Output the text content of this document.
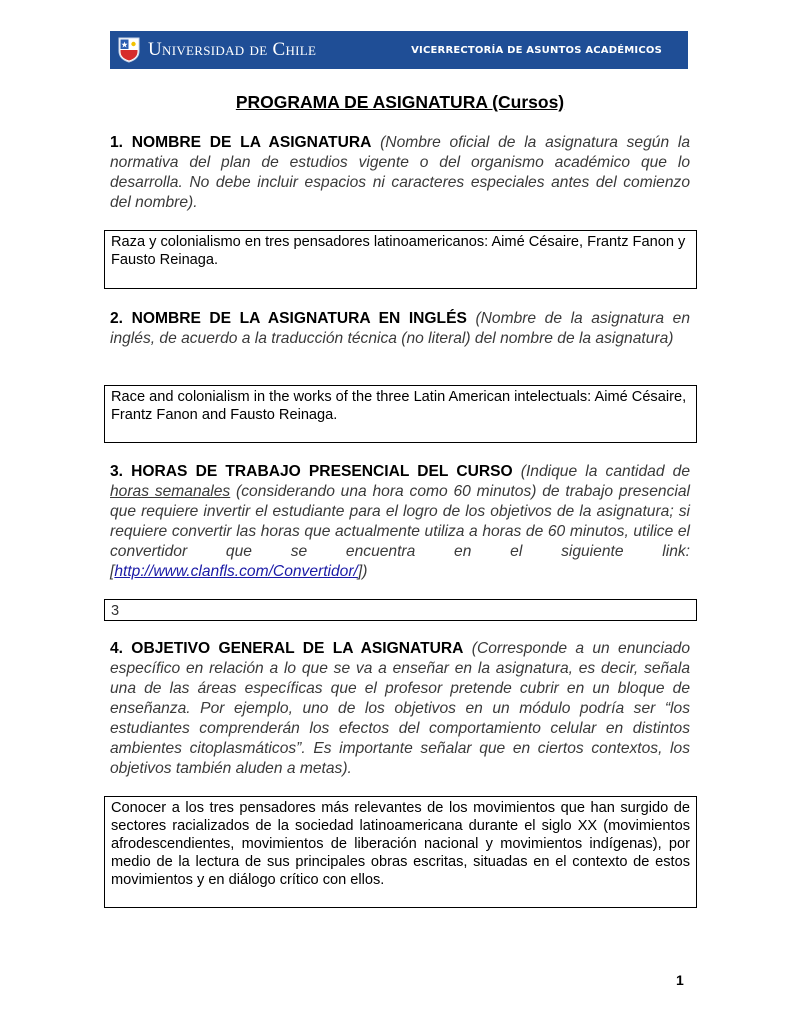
Universidad de Chile	VICERRECTORÍA DE ASUNTOS ACADÉMICOS
PROGRAMA DE ASIGNATURA (Cursos)

1. NOMBRE DE LA ASIGNATURA (Nombre oficial de la asignatura según la normativa del plan de estudios vigente o del organismo académico que lo desarrolla. No debe incluir espacios ni caracteres especiales antes del comienzo del nombre).

Raza y colonialismo en tres pensadores latinoamericanos: Aimé Césaire, Frantz Fanon y Fausto Reinaga.

2. NOMBRE DE LA ASIGNATURA EN INGLÉS (Nombre de la asignatura en inglés, de acuerdo a la traducción técnica (no literal) del nombre de la asignatura)

Race and colonialism in the works of the three Latin American intelectuals: Aimé Césaire, Frantz Fanon and Fausto Reinaga.

3. HORAS DE TRABAJO PRESENCIAL DEL CURSO (Indique la cantidad de horas semanales (considerando una hora como 60 minutos) de trabajo presencial que requiere invertir el estudiante para el logro de los objetivos de la asignatura; si requiere convertir las horas que actualmente utiliza a horas de 60 minutos, utilice el convertidor que se encuentra en el siguiente link: [http://www.clanfls.com/Convertidor/])

3

4. OBJETIVO GENERAL DE LA ASIGNATURA (Corresponde a un enunciado específico en relación a lo que se va a enseñar en la asignatura, es decir, señala una de las áreas específicas que el profesor pretende cubrir en un bloque de enseñanza. Por ejemplo, uno de los objetivos en un módulo podría ser “los estudiantes comprenderán los efectos del comportamiento celular en distintos ambientes citoplasmáticos”. Es importante señalar que en ciertos contextos, los objetivos también aluden a metas).

Conocer a los tres pensadores más relevantes de los movimientos que han surgido de sectores racializados de la sociedad latinoamericana durante el siglo XX (movimientos afrodescendientes, movimientos de liberación nacional y movimientos indígenas), por medio de la lectura de sus principales obras escritas, situadas en el contexto de estos movimientos y en diálogo crítico con ellos.
1
